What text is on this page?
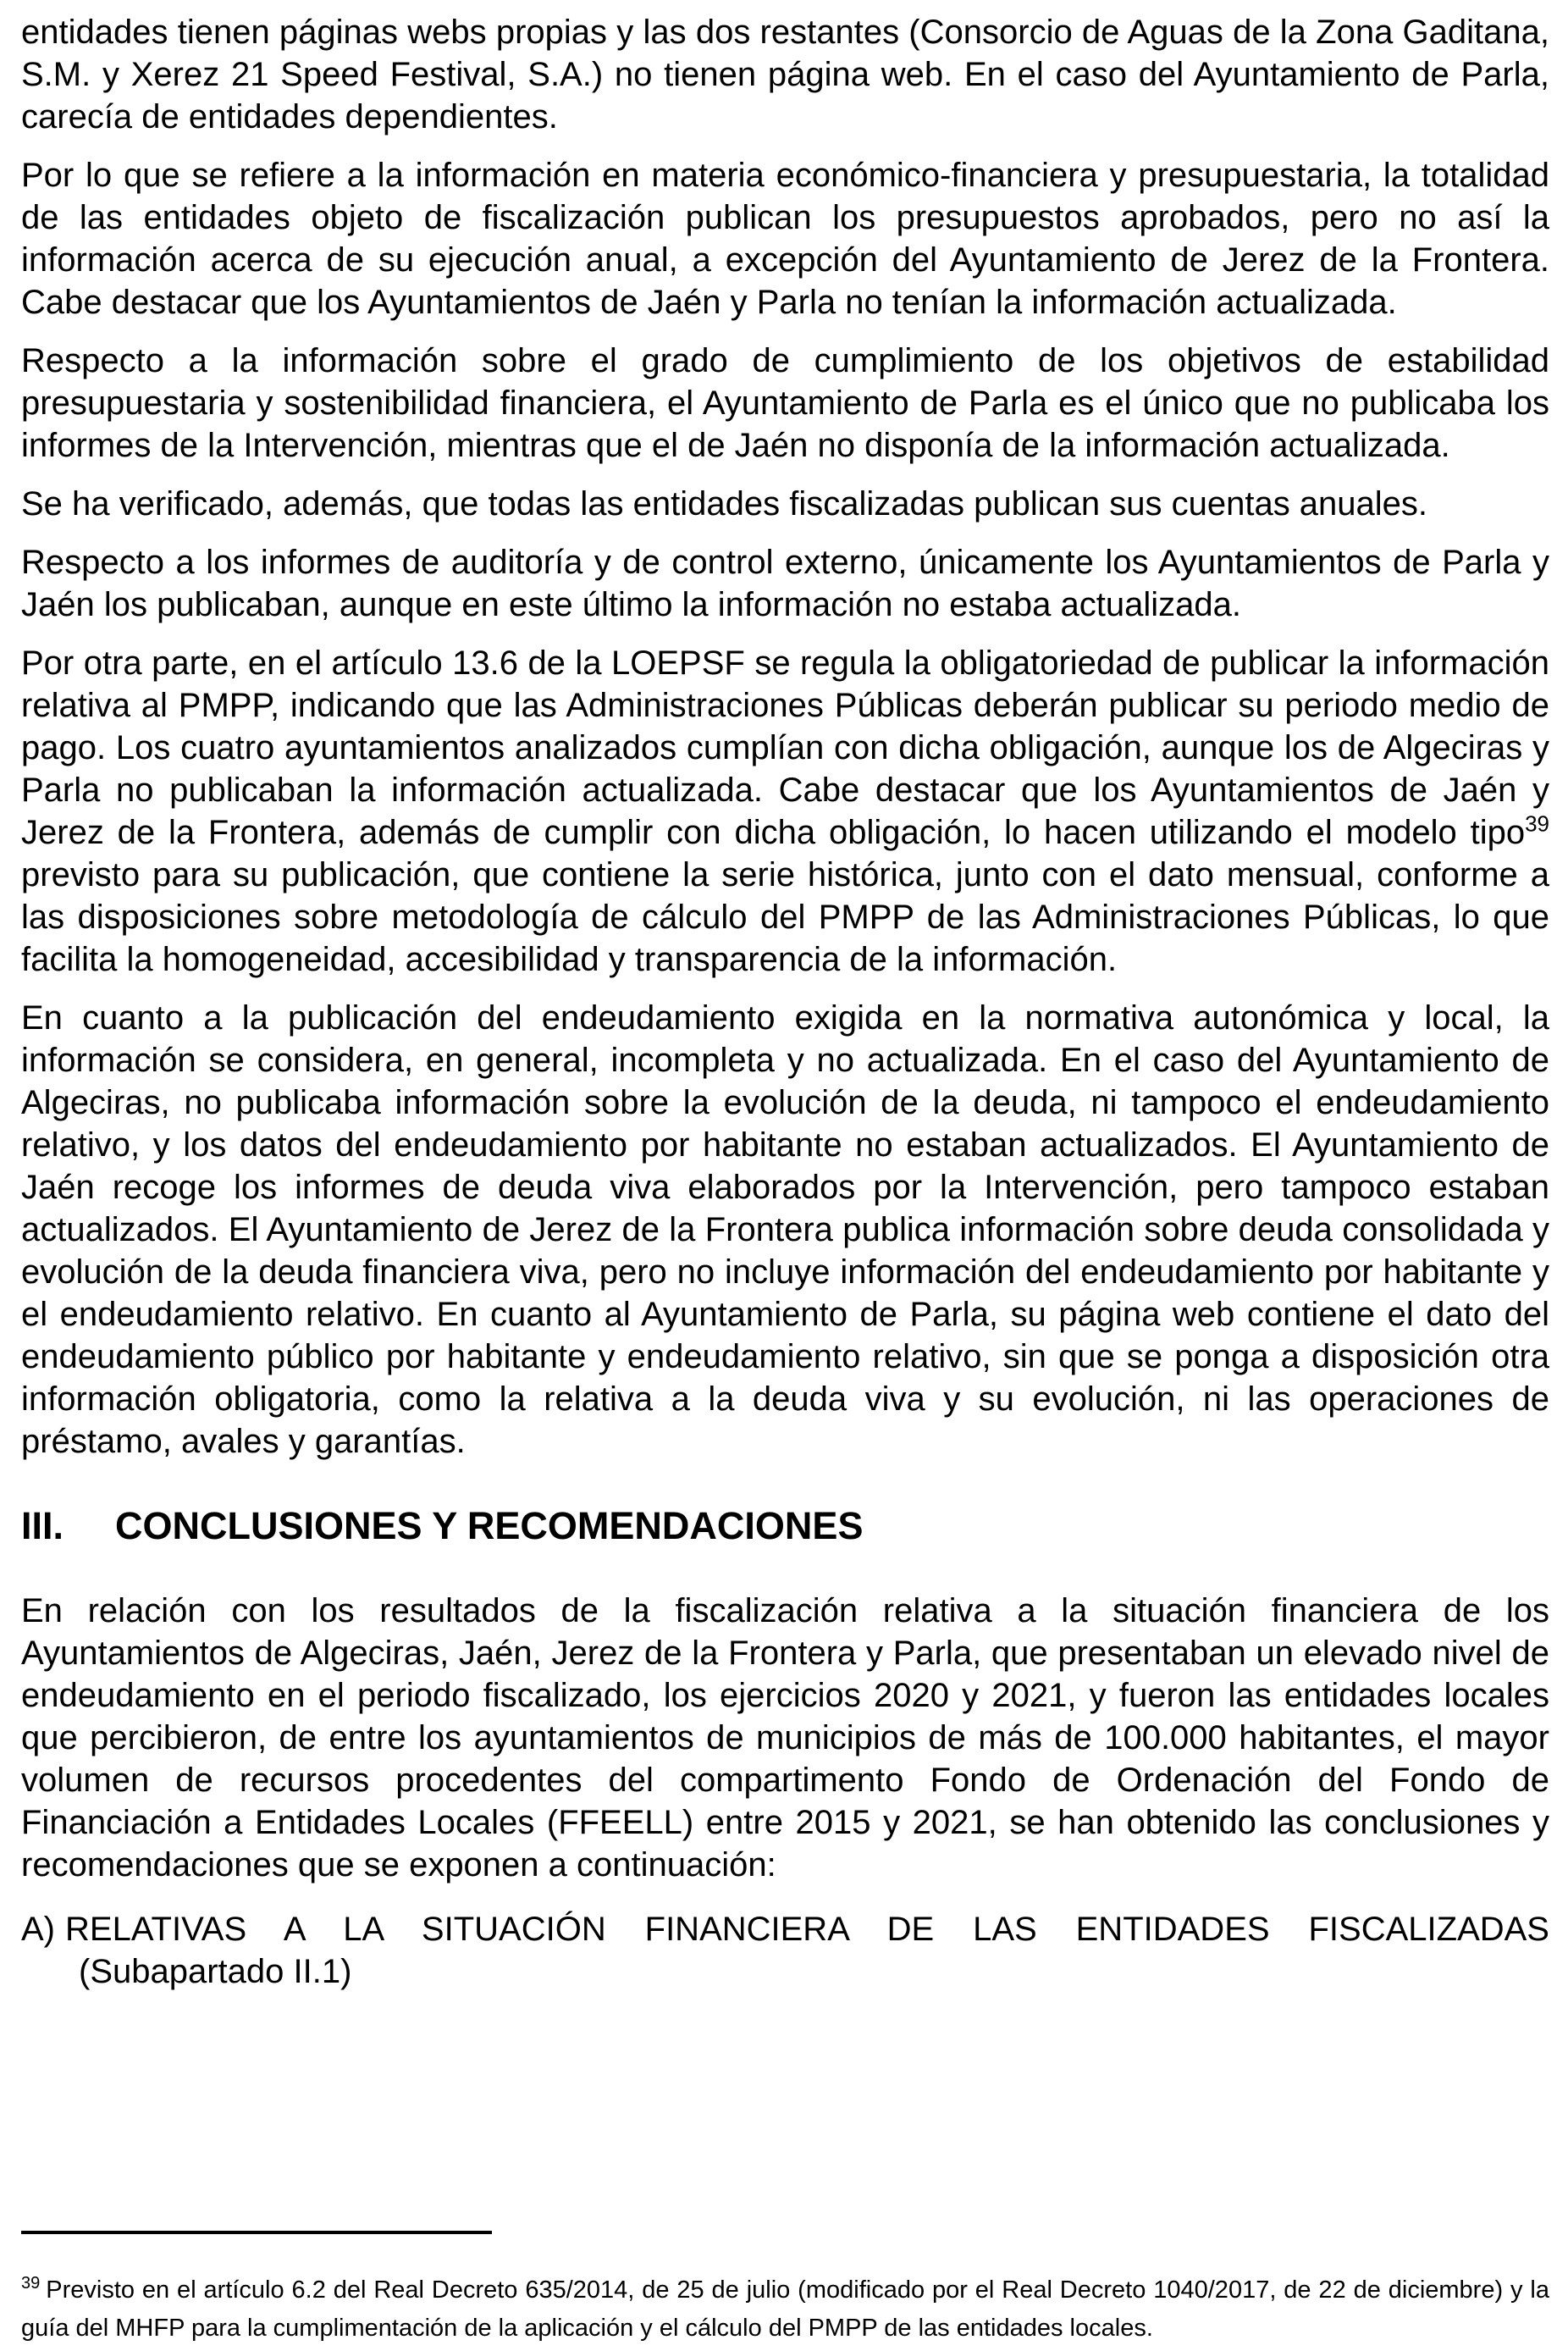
entidades tienen páginas webs propias y las dos restantes (Consorcio de Aguas de la Zona Gaditana, S.M. y Xerez 21 Speed Festival, S.A.) no tienen página web. En el caso del Ayuntamiento de Parla, carecía de entidades dependientes.

Por lo que se refiere a la información en materia económico-financiera y presupuestaria, la totalidad de las entidades objeto de fiscalización publican los presupuestos aprobados, pero no así la información acerca de su ejecución anual, a excepción del Ayuntamiento de Jerez de la Frontera. Cabe destacar que los Ayuntamientos de Jaén y Parla no tenían la información actualizada.

Respecto a la información sobre el grado de cumplimiento de los objetivos de estabilidad presupuestaria y sostenibilidad financiera, el Ayuntamiento de Parla es el único que no publicaba los informes de la Intervención, mientras que el de Jaén no disponía de la información actualizada.

Se ha verificado, además, que todas las entidades fiscalizadas publican sus cuentas anuales.

Respecto a los informes de auditoría y de control externo, únicamente los Ayuntamientos de Parla y Jaén los publicaban, aunque en este último la información no estaba actualizada.

Por otra parte, en el artículo 13.6 de la LOEPSF se regula la obligatoriedad de publicar la información relativa al PMPP, indicando que las Administraciones Públicas deberán publicar su periodo medio de pago. Los cuatro ayuntamientos analizados cumplían con dicha obligación, aunque los de Algeciras y Parla no publicaban la información actualizada. Cabe destacar que los Ayuntamientos de Jaén y Jerez de la Frontera, además de cumplir con dicha obligación, lo hacen utilizando el modelo tipo$^{39}$ previsto para su publicación, que contiene la serie histórica, junto con el dato mensual, conforme a las disposiciones sobre metodología de cálculo del PMPP de las Administraciones Públicas, lo que facilita la homogeneidad, accesibilidad y transparencia de la información.

En cuanto a la publicación del endeudamiento exigida en la normativa autonómica y local, la información se considera, en general, incompleta y no actualizada. En el caso del Ayuntamiento de Algeciras, no publicaba información sobre la evolución de la deuda, ni tampoco el endeudamiento relativo, y los datos del endeudamiento por habitante no estaban actualizados. El Ayuntamiento de Jaén recoge los informes de deuda viva elaborados por la Intervención, pero tampoco estaban actualizados. El Ayuntamiento de Jerez de la Frontera publica información sobre deuda consolidada y evolución de la deuda financiera viva, pero no incluye información del endeudamiento por habitante y el endeudamiento relativo. En cuanto al Ayuntamiento de Parla, su página web contiene el dato del endeudamiento público por habitante y endeudamiento relativo, sin que se ponga a disposición otra información obligatoria, como la relativa a la deuda viva y su evolución, ni las operaciones de préstamo, avales y garantías.

III.	CONCLUSIONES Y RECOMENDACIONES

En relación con los resultados de la fiscalización relativa a la situación financiera de los Ayuntamientos de Algeciras, Jaén, Jerez de la Frontera y Parla, que presentaban un elevado nivel de endeudamiento en el periodo fiscalizado, los ejercicios 2020 y 2021, y fueron las entidades locales que percibieron, de entre los ayuntamientos de municipios de más de 100.000 habitantes, el mayor volumen de recursos procedentes del compartimento Fondo de Ordenación del Fondo de Financiación a Entidades Locales (FFEELL) entre 2015 y 2021, se han obtenido las conclusiones y recomendaciones que se exponen a continuación:

A) RELATIVAS A LA SITUACIÓN FINANCIERA DE LAS ENTIDADES FISCALIZADAS
(Subapartado II.1)

$^{39}$ Previsto en el artículo 6.2 del Real Decreto 635/2014, de 25 de julio (modificado por el Real Decreto 1040/2017, de 22 de diciembre) y la guía del MHFP para la cumplimentación de la aplicación y el cálculo del PMPP de las entidades locales.
